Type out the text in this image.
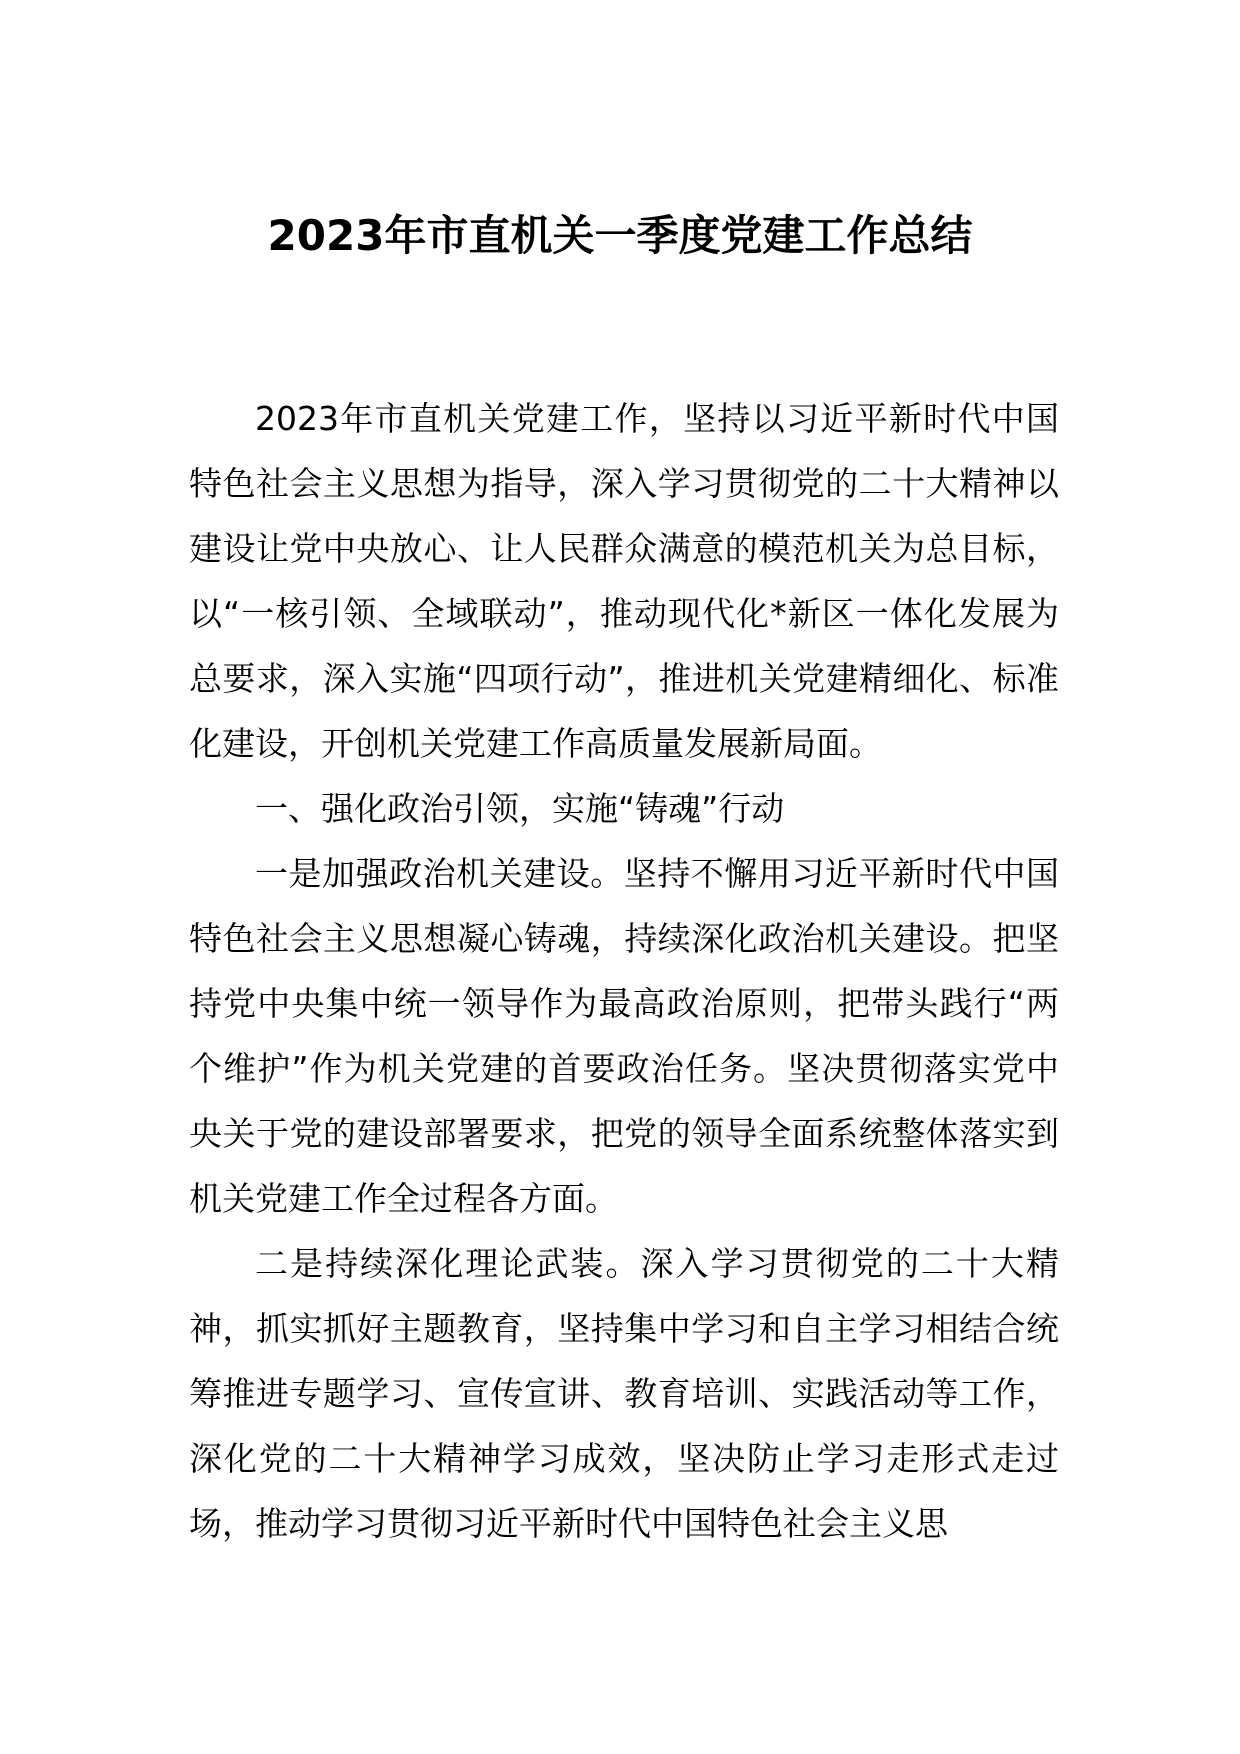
2023年市直机关一季度党建工作总结

2023年市直机关党建工作，坚持以习近平新时代中国特色社会主义思想为指导，深入学习贯彻党的二十大精神以建设让党中央放心、让人民群众满意的模范机关为总目标，以“一核引领、全域联动”，推动现代化*新区一体化发展为总要求，深入实施“四项行动”，推进机关党建精细化、标准化建设，开创机关党建工作高质量发展新局面。

一、强化政治引领，实施“铸魂”行动

一是加强政治机关建设。坚持不懈用习近平新时代中国特色社会主义思想凝心铸魂，持续深化政治机关建设。把坚持党中央集中统一领导作为最高政治原则，把带头践行“两个维护”作为机关党建的首要政治任务。坚决贯彻落实党中央关于党的建设部署要求，把党的领导全面系统整体落实到机关党建工作全过程各方面。

二是持续深化理论武装。深入学习贯彻党的二十大精神，抓实抓好主题教育，坚持集中学习和自主学习相结合统筹推进专题学习、宣传宣讲、教育培训、实践活动等工作，深化党的二十大精神学习成效，坚决防止学习走形式走过场，推动学习贯彻习近平新时代中国特色社会主义思
